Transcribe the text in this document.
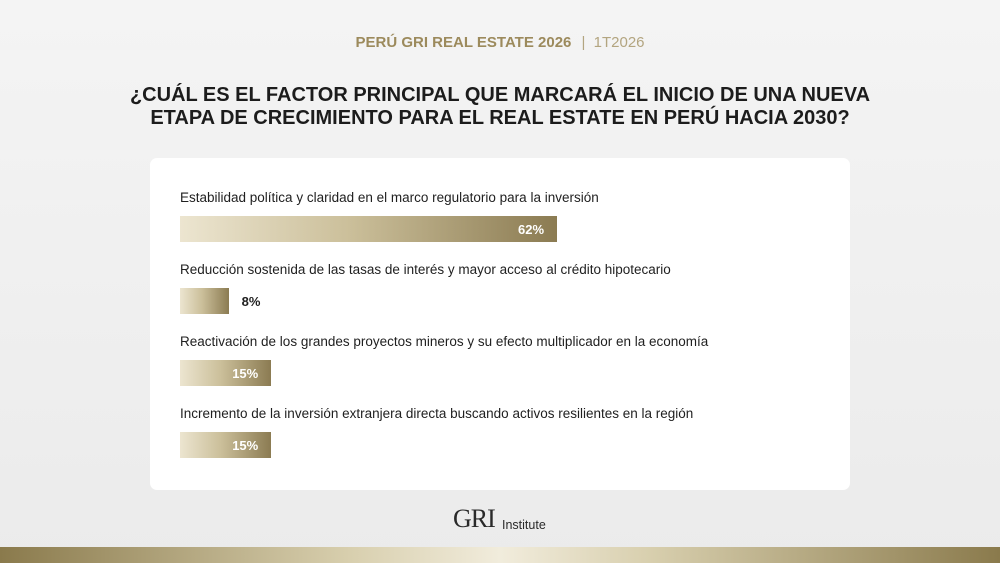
PERÚ GRI REAL ESTATE 2026 | 1T2026
¿CUÁL ES EL FACTOR PRINCIPAL QUE MARCARÁ EL INICIO DE UNA NUEVA ETAPA DE CRECIMIENTO PARA EL REAL ESTATE EN PERÚ HACIA 2030?
Estabilidad política y claridad en el marco regulatorio para la inversión
62%
Reducción sostenida de las tasas de interés y mayor acceso al crédito hipotecario
8%
Reactivación de los grandes proyectos mineros y su efecto multiplicador en la economía
15%
Incremento de la inversión extranjera directa buscando activos resilientes en la región
15%
GRI Institute
